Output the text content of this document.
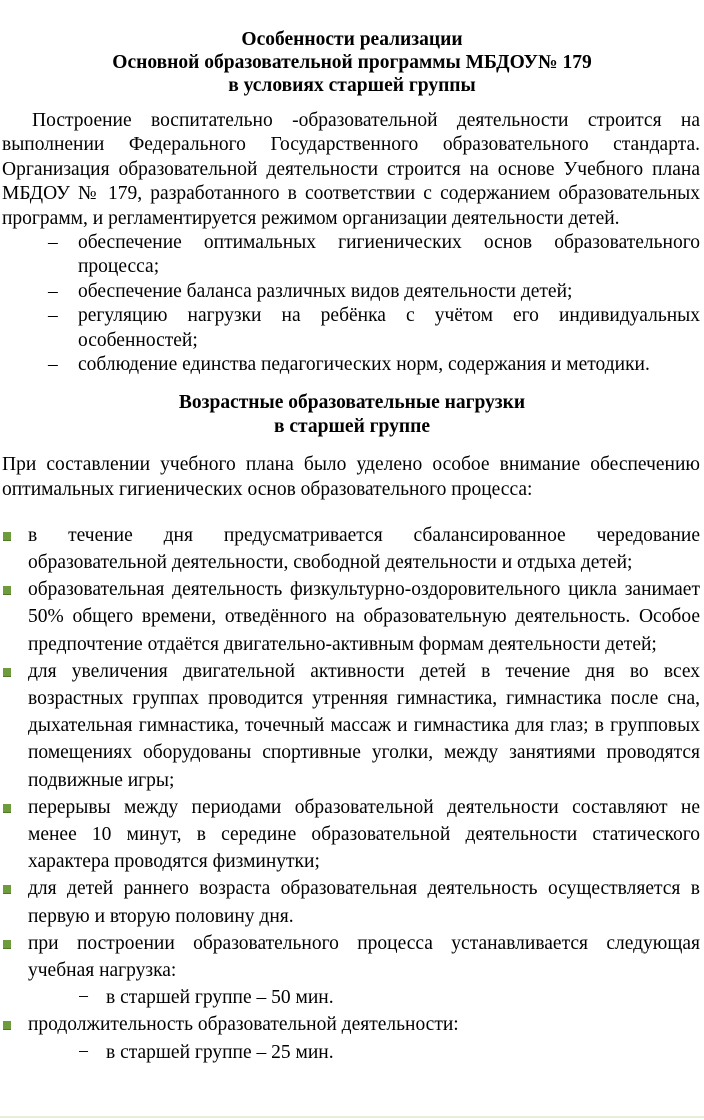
Особенности реализации
Основной образовательной программы МБДОУ№ 179
в условиях старшей группы

Построение воспитательно -образовательной деятельности строится на выполнении Федерального Государственного образовательного стандарта. Организация образовательной деятельности строится на основе Учебного плана МБДОУ № 179, разработанного в соответствии с содержанием образовательных программ, и регламентируется режимом организации деятельности детей.

– обеспечение оптимальных гигиенических основ образовательного процесса;
– обеспечение баланса различных видов деятельности детей;
– регуляцию нагрузки на ребёнка с учётом его индивидуальных особенностей;
– соблюдение единства педагогических норм, содержания и методики.
Возрастные образовательные нагрузки
в старшей группе

При составлении учебного плана было уделено особое внимание обеспечению оптимальных гигиенических основ образовательного процесса:

в течение дня предусматривается сбалансированное чередование образовательной деятельности, свободной деятельности и отдыха детей;
образовательная деятельность физкультурно-оздоровительного цикла занимает 50% общего времени, отведённого на образовательную деятельность. Особое предпочтение отдаётся двигательно-активным формам деятельности детей;
для увеличения двигательной активности детей в течение дня во всех возрастных группах проводится утренняя гимнастика, гимнастика после сна, дыхательная гимнастика, точечный массаж и гимнастика для глаз; в групповых помещениях оборудованы спортивные уголки, между занятиями проводятся подвижные игры;
перерывы между периодами образовательной деятельности составляют не менее 10 минут, в середине образовательной деятельности статического характера проводятся физминутки;
для детей раннего возраста образовательная деятельность осуществляется в первую и вторую половину дня.
при построении образовательного процесса устанавливается следующая учебная нагрузка:
− в старшей группе – 50 мин.
продолжительность образовательной деятельности:
− в старшей группе – 25 мин.
